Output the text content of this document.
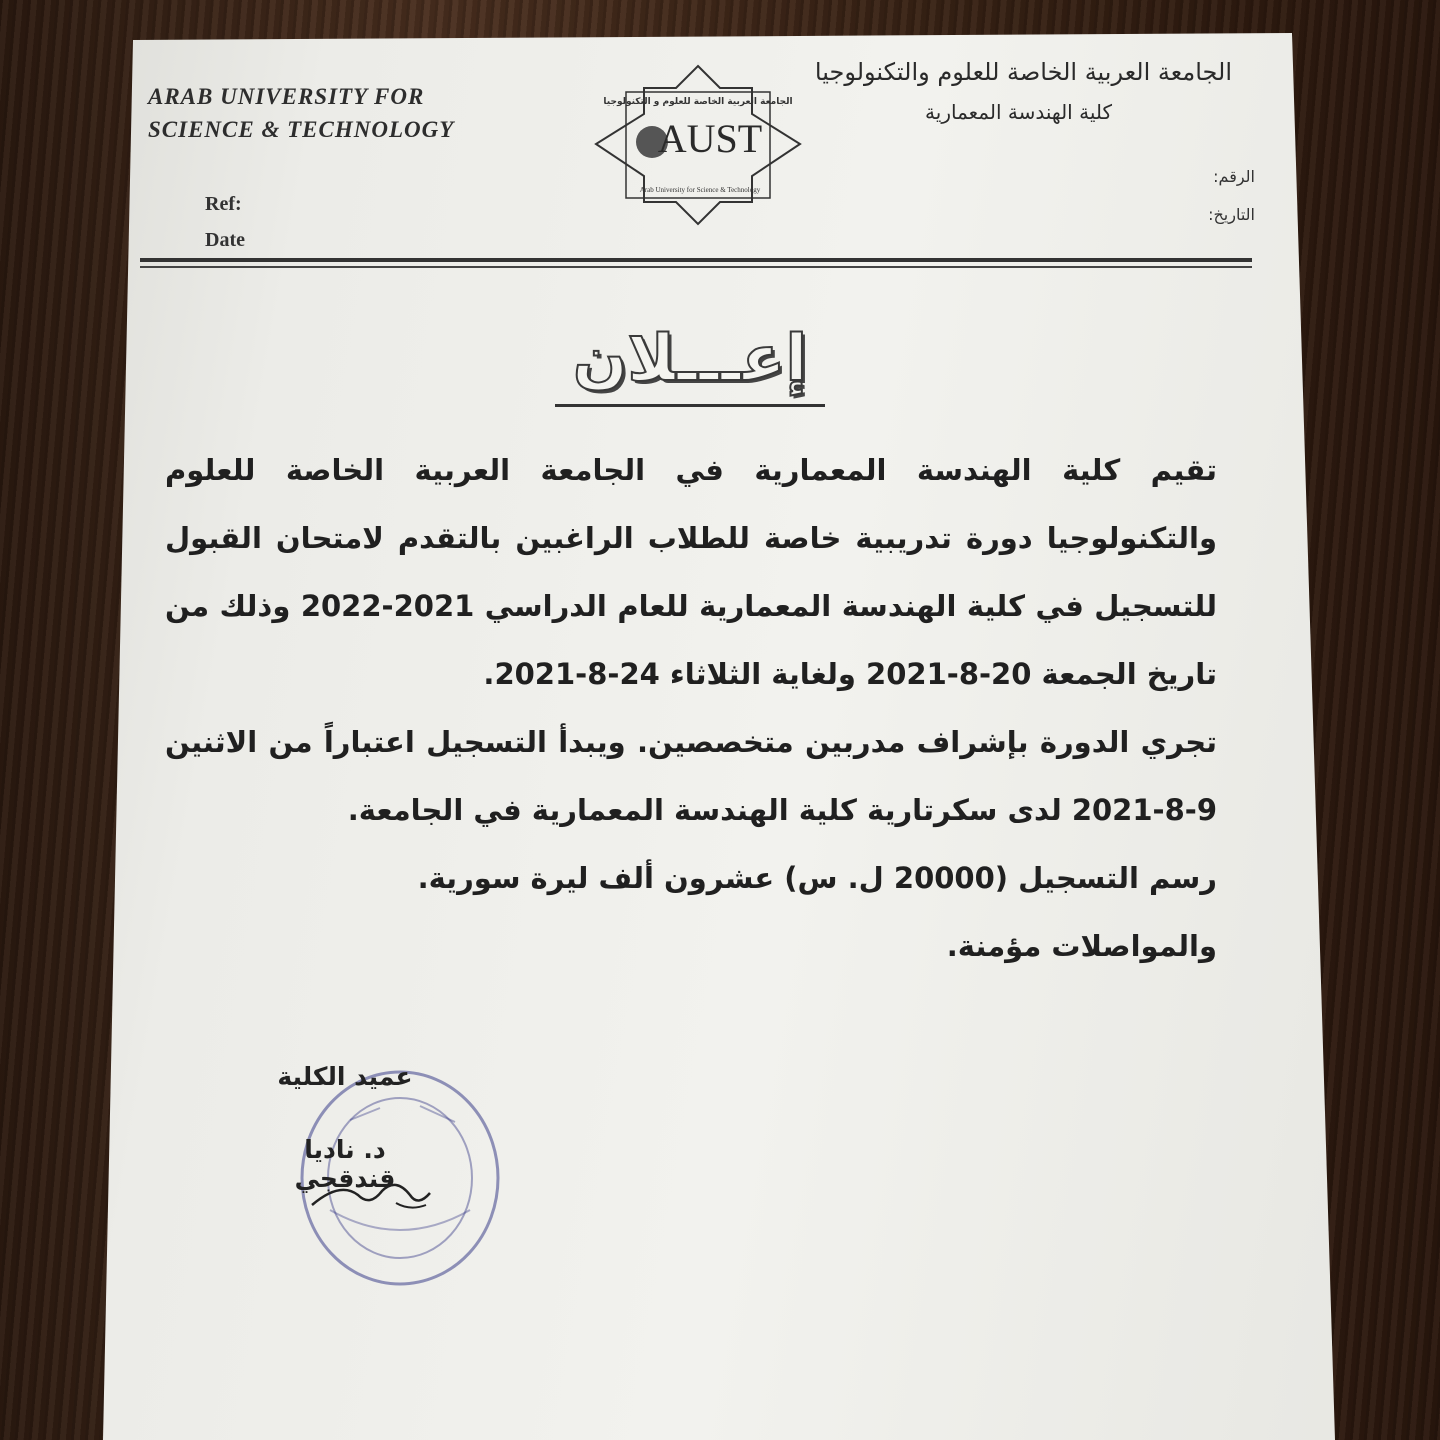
ARAB UNIVERSITY FOR
SCIENCE & TECHNOLOGY
الجامعة العربية الخاصة للعلوم والتكنولوجيا
كلية الهندسة المعمارية
Ref:
Date
الرقم:
التاريخ:
الجامعة العربية الخاصة للعلوم و التكنولوجيا
AUST
Arab University for Science & Technology
إعـــلان

تقيم كلية الهندسة المعمارية في الجامعة العربية الخاصة للعلوم والتكنولوجيا دورة تدريبية خاصة للطلاب الراغبين بالتقدم لامتحان القبول للتسجيل في كلية الهندسة المعمارية للعام الدراسي 2021-2022 وذلك من تاريخ الجمعة 20-8-2021 ولغاية الثلاثاء 24-8-2021.

تجري الدورة بإشراف مدربين متخصصين. ويبدأ التسجيل اعتباراً من الاثنين 9-8-2021 لدى سكرتارية كلية الهندسة المعمارية في الجامعة.

رسم التسجيل (20000 ل. س) عشرون ألف ليرة سورية.

والمواصلات مؤمنة.

عميد الكلية
د. ناديا قندقجي
